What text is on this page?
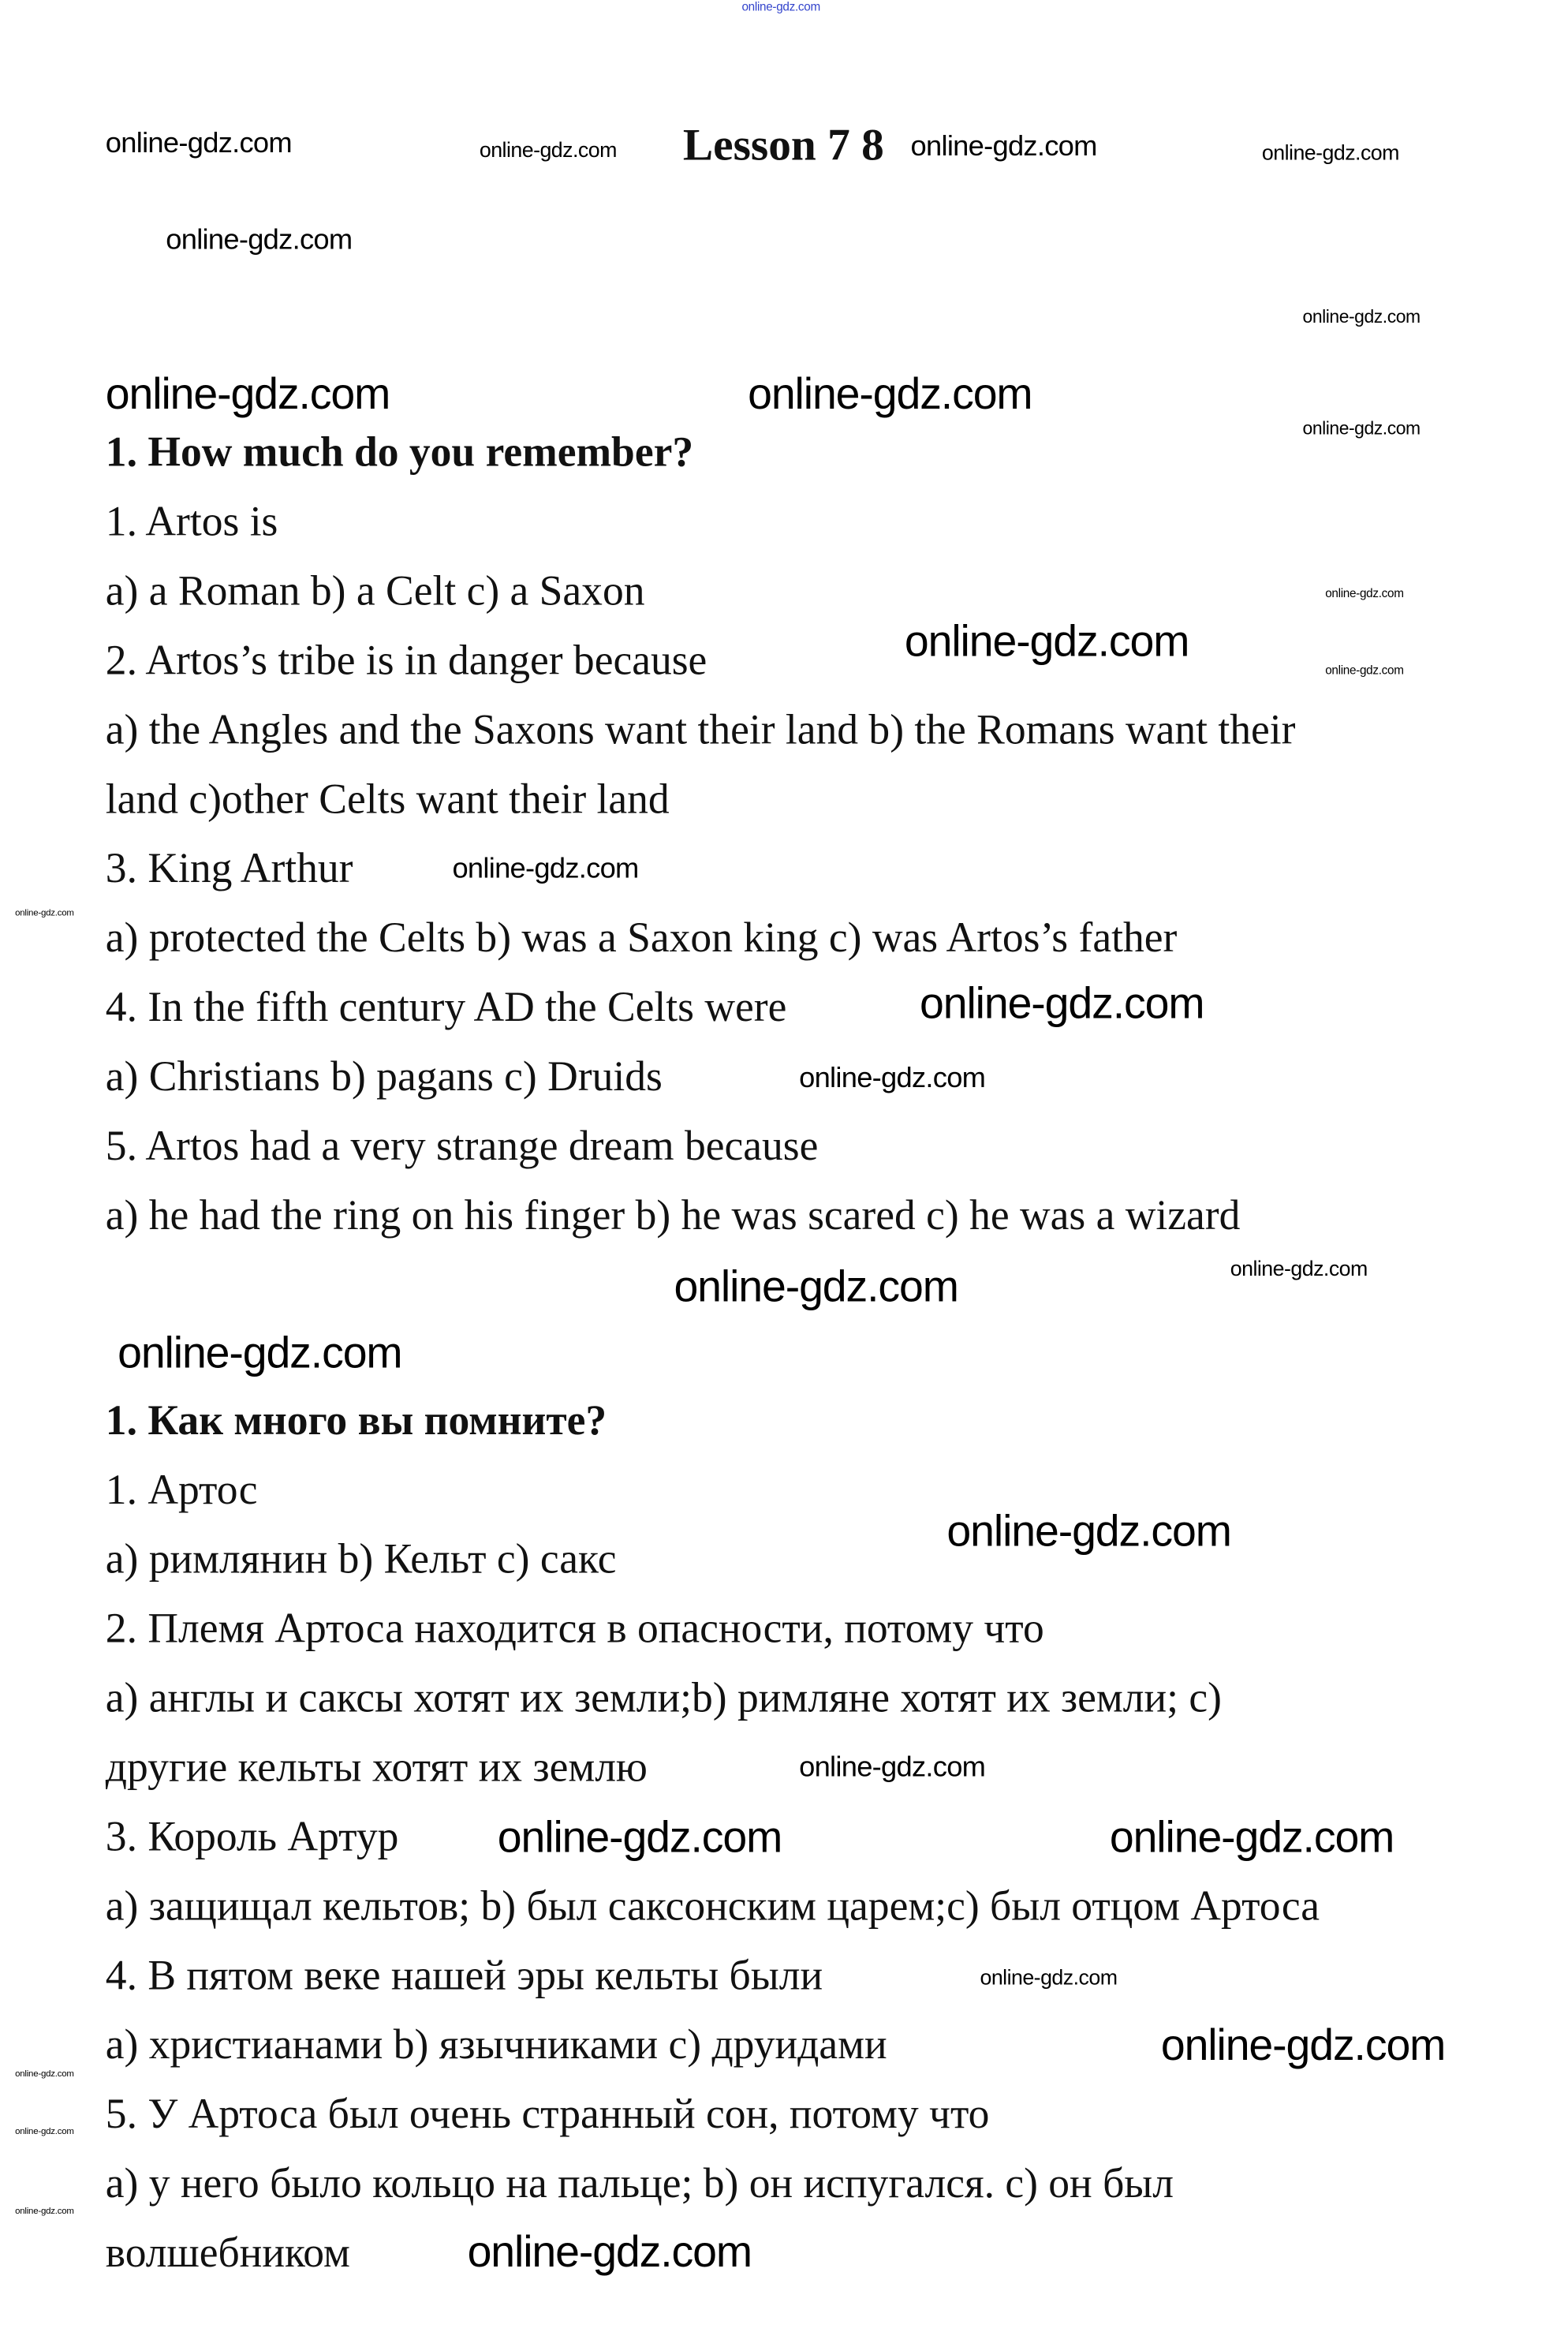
Lesson 7 8
1. How much do you remember?
1. Artos is
a) a Roman b) a Celt c) a Saxon
2. Artos’s tribe is in danger because
a) the Angles and the Saxons want their land b) the Romans want their
land c)other Celts want their land
3. King Arthur
a) protected the Celts b) was a Saxon king c) was Artos’s father
4. In the fifth century AD the Celts were
a) Christians b) pagans c) Druids
5. Artos had a very strange dream because
a) he had the ring on his finger b) he was scared c) he was a wizard
1. Как много вы помните?
1. Артос
a) римлянин b) Кельт c) сакс
2. Племя Артоса находится в опасности, потому что
a) англы и саксы хотят их земли;b) римляне хотят их земли; c)
другие кельты хотят их землю
3. Король Артур
a) защищал кельтов; b) был саксонским царем;c) был отцом Артоса
4. В пятом веке нашей эры кельты были
a) христианами b) язычниками c) друидами
5. У Артоса был очень странный сон, потому что
a) у него было кольцо на пальце; b) он испугался. c) он был
волшебником
online-gdz.com
online-gdz.com	online-gdz.com	online-gdz.com	online-gdz.com
online-gdz.com
online-gdz.com	online-gdz.com
online-gdz.com
online-gdz.com
online-gdz.com
online-gdz.com
online-gdz.com
online-gdz.com
online-gdz.com
online-gdz.com
online-gdz.com
online-gdz.com	online-gdz.com
online-gdz.com
online-gdz.com
online-gdz.com
online-gdz.com	online-gdz.com
online-gdz.com
online-gdz.com
online-gdz.com
online-gdz.com
online-gdz.com
online-gdz.com
